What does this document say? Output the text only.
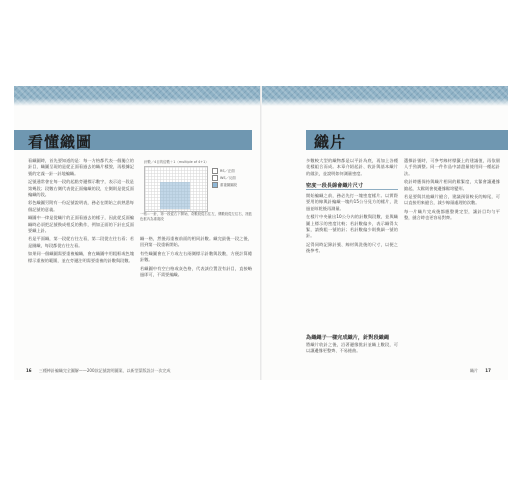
看懂織圖

看織圖時，首先要知道的是：每一方格都代表一個獨立的針目，織圖呈現的是從正面看過去的織片樣貌，再根據記號的定義一針一針地編織。

記號通常會在每一段的起點旁邊標示數字，表示這一段是第幾段；段數右側代表從正面編織的段，左側則是從反面編織的段。

彩色織圖另附有一份記號說明表，務必在開始之前熟悉每個記號的意義。

織圖中一律是從織片的正面看過去的樣子，因此從反面編織時必須把記號換成相反的動作，例如正面的下針在反面要織上針。

若是平面織，第一段從右往左看，第二段從左往右看；若是圈織，每段都從右往左看。

如果同一個織圖需要重複編織，會在織圖中用粗框或色塊標示重複的範圍，並在旁邊注明需要重複的針數與段數。

針數／4目的倍數＋1（multiple of 4+1）
RS／正面
WS／反面
重複織圖段
一格＝一針，第一段從右下開始，奇數段從右往左，偶數段從左往右，淺藍色框內為重複段

織一格，然後再重複前面的相同針數。織完最後一段之後，回到第一段重新開始。

有些織圖會在下方或左右兩側標示針數與段數，方便計算總針數。

若織圖中有空白格或灰色格，代表該位置沒有針目，直接略過即可，不需要編織。

16 三種棒針編織完全圖解——200款記號說明圖案、以新型蒙版設計一次完成
織片

多數較大型的織物都是以平針為底，再加上各種花樣組合而成。本章介紹起針、收針與基本織片的做法，並說明如何測量密度。

密度一段長線會織片尺寸

開始編織之前，務必先打一塊密度樣片。以實際要用的線與針編織一塊約15公分見方的樣片，洗過並晾乾後再測量。

在樣片中央量出10公分內的針數與段數，並與織圖上標示的密度比較；若針數偏多，表示織得太緊，請換粗一號的針；若針數偏少則換細一號的針。

記得同時記錄針號、線材與洗後的尺寸，以便之後參考。

為織繩子一樣完成織片，針對段織繩

將織片收針之後，沿著邊緣挑針並織上數段，可以讓邊緣更整齊、不易捲曲。

選擇針號時，可參考線材標籤上的建議值，再依個人手勁調整。同一件作品中請盡量使用同一種起針法。

收針時應保持與織片相同的鬆緊度，太緊會讓邊緣縮起，太鬆則會使邊緣鬆垮變形。

若是要與其他織片縫合，建議預留較長的線尾，可以直接用來縫合，減少線頭處理的次數。

每一片織片完成後都應整燙定型，讓針目均勻平整，縫合時也更容易對齊。

織片 17
